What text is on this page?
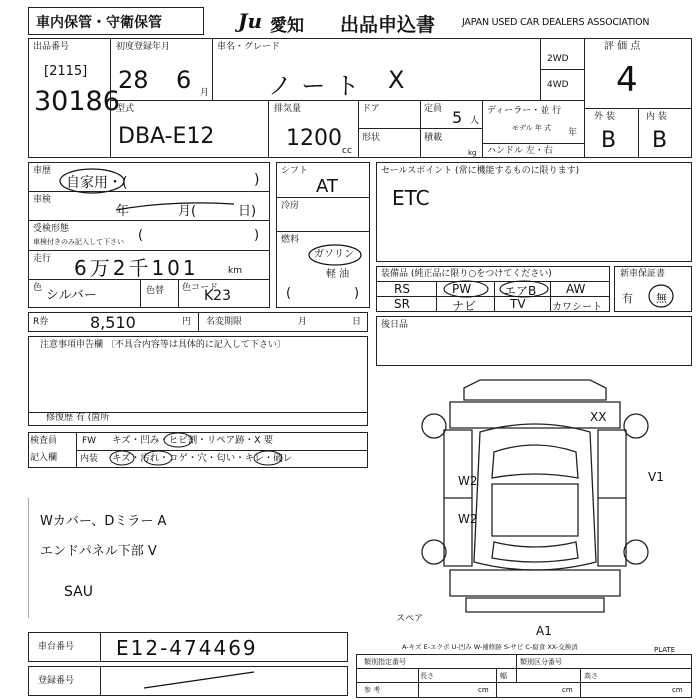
車内保管・守衛保管	Ju 愛知 出品申込書	JAPAN USED CAR DEALERS ASSOCIATION
出品番号
[2115]
30186
初度登録年月
28 6 月
車名・グレード
ノート X
2WD
4WD
評 価 点
4
外 装	内 装
B B
型式
DBA-E12
排気量
1200 cc
ドア	定員 5 人
形状	積載
kg
ディーラー・並 行
モデル 年 式 年
ハンドル 左・右
車歴
自家用・(	)
車検
年	月(	日)
受検形態
車検付きのみ記入して下さい (	)
走行 6万2千101	km
色 シルバー	色替 色コード
K23
シフト
AT
冷房
燃料
ガソリン
軽 油
(	)
セールスポイント (常に機能するものに限ります)
ETC
装備品 (純正品に限り○をつけてください)
RS	PW	エアB AW
SR	ナビ	TV	カワシート
新車保証書
有 無
R券	8,510	円 名変期限	月	日 後日品
注意事項申告欄 〔不具合内容等は具体的に記入して下さい〕
修復歴 有 (箇所
検査員
記入欄
FW キズ・凹み・ヒビ割・リペア跡・X 要
内装 キズ・汚れ・コゲ・穴・匂い・キレ・破レ
Wカバー、Dミラー A
エンドパネル下部 V
SAU
XX
W2
W2
V1
A1
スペア
A-キズ E-エクボ U-凹み W-補修跡 S-サビ C-腐食 XX-交換済
車台番号 E12-474469
登録番号
類別指定番号	類別区分番号
長さ	幅	高さ
参 考	cm	cm	cm
PLATE
